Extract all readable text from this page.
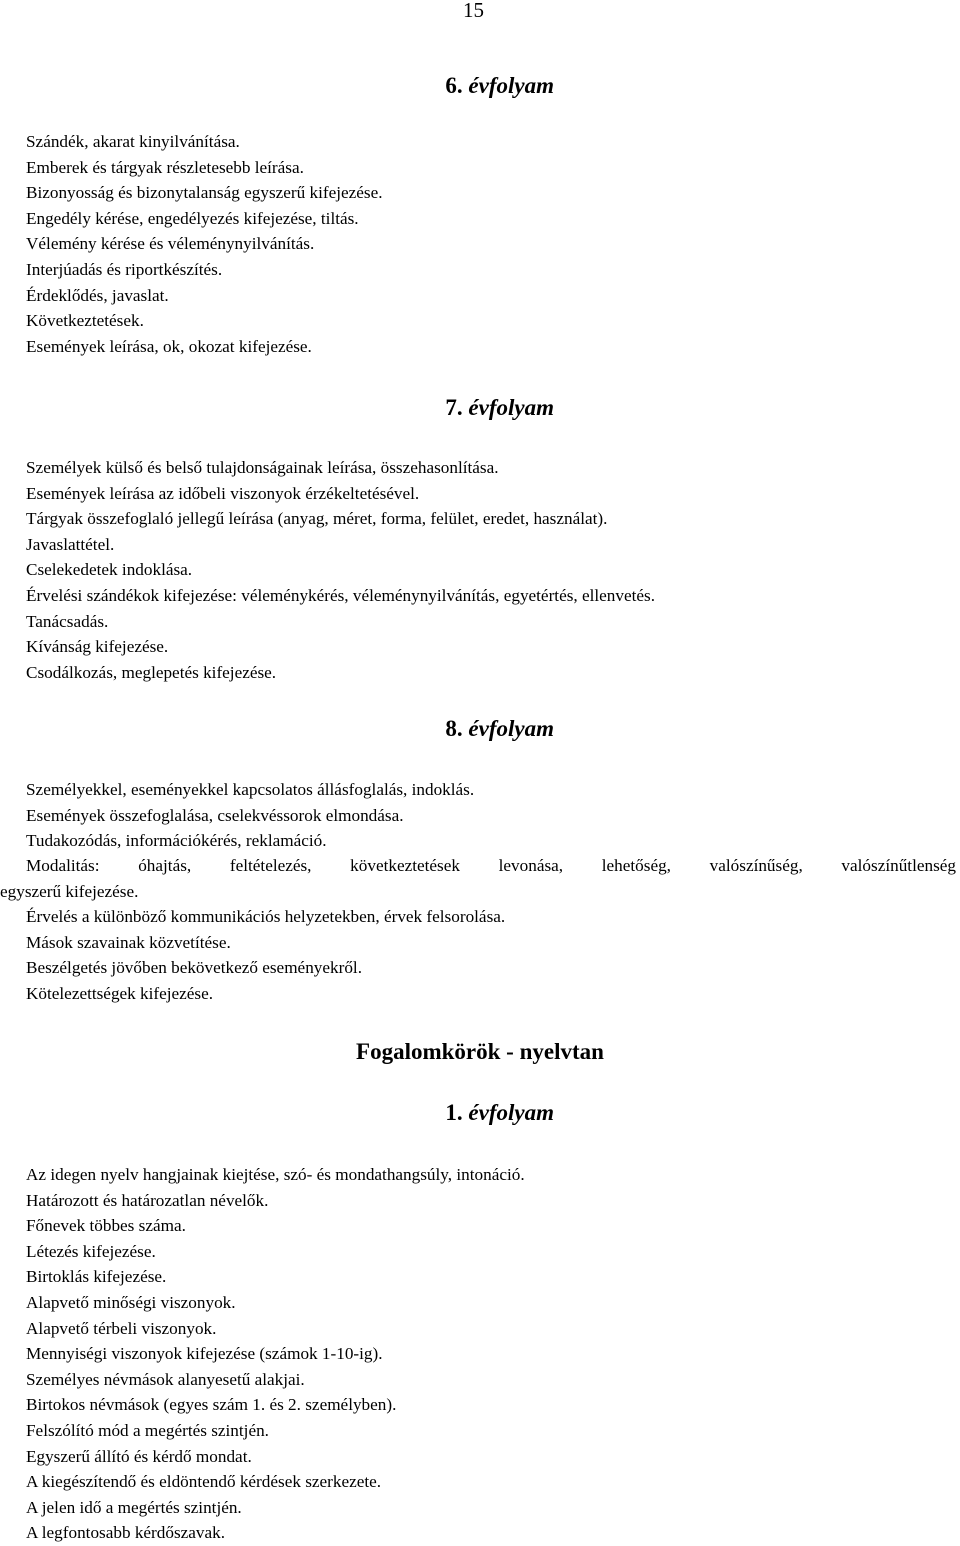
15
6. évfolyam
Szándék, akarat kinyilvánítása.
Emberek és tárgyak részletesebb leírása.
Bizonyosság és bizonytalanság egyszerű kifejezése.
Engedély kérése, engedélyezés kifejezése, tiltás.
Vélemény kérése és véleménynyilvánítás.
Interjúadás és riportkészítés.
Érdeklődés, javaslat.
Következtetések.
Események leírása, ok, okozat kifejezése.
7. évfolyam
Személyek külső és belső tulajdonságainak leírása, összehasonlítása.
Események leírása az időbeli viszonyok érzékeltetésével.
Tárgyak összefoglaló jellegű leírása (anyag, méret, forma, felület, eredet, használat).
Javaslattétel.
Cselekedetek indoklása.
Érvelési szándékok kifejezése: véleménykérés, véleménynyilvánítás, egyetértés, ellenvetés.
Tanácsadás.
Kívánság kifejezése.
Csodálkozás, meglepetés kifejezése.
8. évfolyam
Személyekkel, eseményekkel kapcsolatos állásfoglalás, indoklás.
Események összefoglalása, cselekvéssorok elmondása.
Tudakozódás, információkérés, reklamáció.
Modalitás: óhajtás, feltételezés, következtetések levonása, lehetőség, valószínűség, valószínűtlenség
egyszerű kifejezése.
Érvelés a különböző kommunikációs helyzetekben, érvek felsorolása.
Mások szavainak közvetítése.
Beszélgetés jövőben bekövetkező eseményekről.
Kötelezettségek kifejezése.
Fogalomkörök - nyelvtan
1. évfolyam
Az idegen nyelv hangjainak kiejtése, szó- és mondathangsúly, intonáció.
Határozott és határozatlan névelők.
Főnevek többes száma.
Létezés kifejezése.
Birtoklás kifejezése.
Alapvető minőségi viszonyok.
Alapvető térbeli viszonyok.
Mennyiségi viszonyok kifejezése (számok 1-10-ig).
Személyes névmások alanyesetű alakjai.
Birtokos névmások (egyes szám 1. és 2. személyben).
Felszólító mód a megértés szintjén.
Egyszerű állító és kérdő mondat.
A kiegészítendő és eldöntendő kérdések szerkezete.
A jelen idő a megértés szintjén.
A legfontosabb kérdőszavak.
